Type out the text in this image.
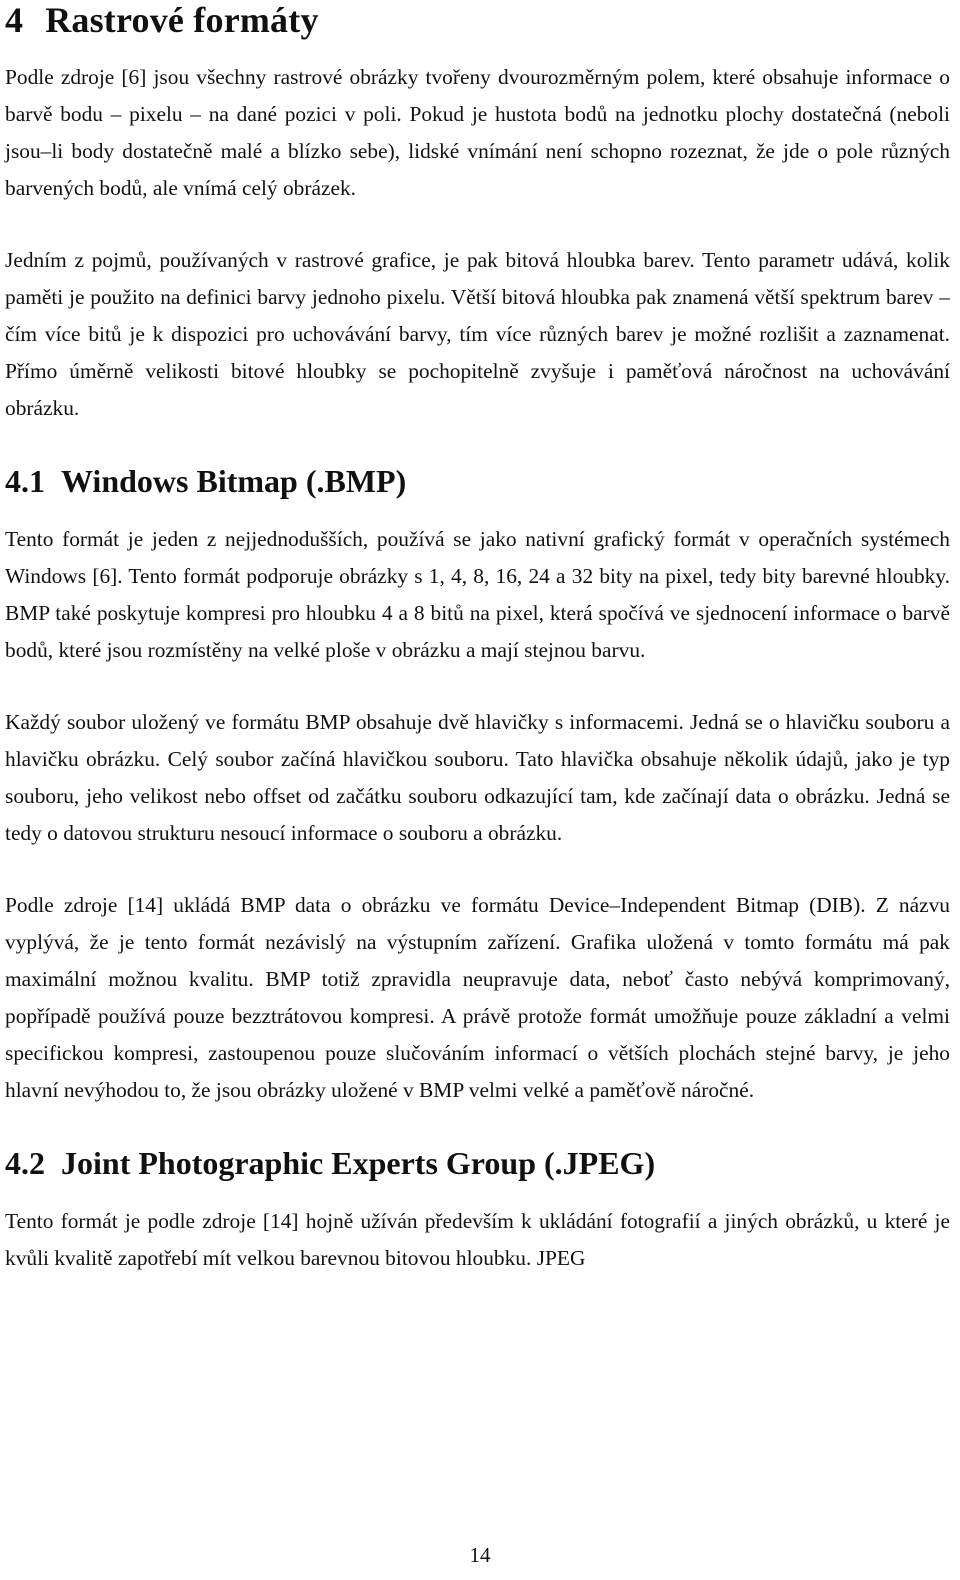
4 Rastrové formáty

Podle zdroje [6] jsou všechny rastrové obrázky tvořeny dvourozměrným polem, které obsahuje informace o barvě bodu – pixelu – na dané pozici v poli. Pokud je hustota bodů na jednotku plochy dostatečná (neboli jsou–li body dostatečně malé a blízko sebe), lidské vnímání není schopno rozeznat, že jde o pole různých barvených bodů, ale vnímá celý obrázek.

Jedním z pojmů, používaných v rastrové grafice, je pak bitová hloubka barev. Tento parametr udává, kolik paměti je použito na definici barvy jednoho pixelu. Větší bitová hloubka pak znamená větší spektrum barev – čím více bitů je k dispozici pro uchovávání barvy, tím více různých barev je možné rozlišit a zaznamenat. Přímo úměrně velikosti bitové hloubky se pochopitelně zvyšuje i paměťová náročnost na uchovávání obrázku.

4.1 Windows Bitmap (.BMP)

Tento formát je jeden z nejjednodušších, používá se jako nativní grafický formát v operačních systémech Windows [6]. Tento formát podporuje obrázky s 1, 4, 8, 16, 24 a 32 bity na pixel, tedy bity barevné hloubky. BMP také poskytuje kompresi pro hloubku 4 a 8 bitů na pixel, která spočívá ve sjednocení informace o barvě bodů, které jsou rozmístěny na velké ploše v obrázku a mají stejnou barvu.

Každý soubor uložený ve formátu BMP obsahuje dvě hlavičky s informacemi. Jedná se o hlavičku souboru a hlavičku obrázku. Celý soubor začíná hlavičkou souboru. Tato hlavička obsahuje několik údajů, jako je typ souboru, jeho velikost nebo offset od začátku souboru odkazující tam, kde začínají data o obrázku. Jedná se tedy o datovou strukturu nesoucí informace o souboru a obrázku.

Podle zdroje [14] ukládá BMP data o obrázku ve formátu Device–Independent Bitmap (DIB). Z názvu vyplývá, že je tento formát nezávislý na výstupním zařízení. Grafika uložená v tomto formátu má pak maximální možnou kvalitu. BMP totiž zpravidla neupravuje data, neboť často nebývá komprimovaný, popřípadě používá pouze bezztrátovou kompresi. A právě protože formát umožňuje pouze základní a velmi specifickou kompresi, zastoupenou pouze slučováním informací o větších plochách stejné barvy, je jeho hlavní nevýhodou to, že jsou obrázky uložené v BMP velmi velké a paměťově náročné.

4.2 Joint Photographic Experts Group (.JPEG)

Tento formát je podle zdroje [14] hojně užíván především k ukládání fotografií a jiných obrázků, u které je kvůli kvalitě zapotřebí mít velkou barevnou bitovou hloubku. JPEG

14
